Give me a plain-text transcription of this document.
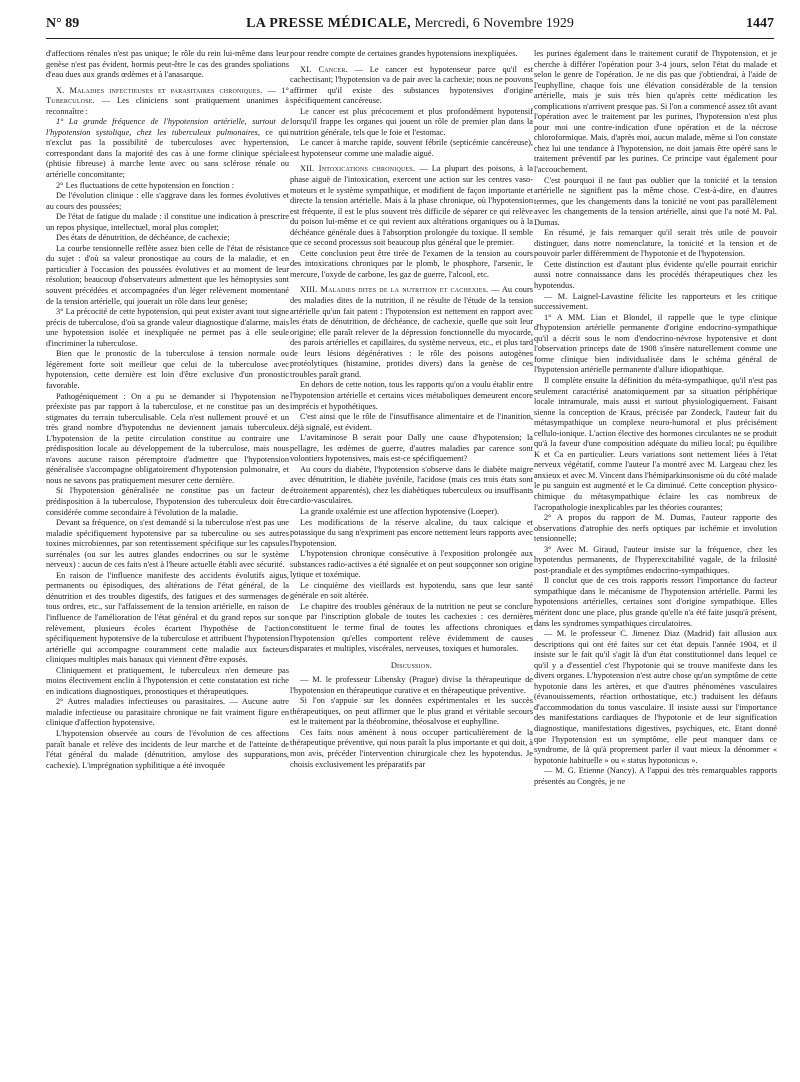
N° 89	LA PRESSE MÉDICALE, Mercredi, 6 Novembre 1929	1447

d'affections rénales n'est pas unique; le rôle du rein lui-même dans leur genèse n'est pas évident, hormis peut-être le cas des grandes spoliations d'eau dues aux grands œdèmes et à l'anasarque.

X. Maladies infectieuses et parasitaires chroniques. — 1° Tuberculose. — Les cliniciens sont pratiquement unanimes à reconnaître :

1° La grande fréquence de l'hypotension artérielle, surtout de l'hypotension systolique, chez les tuberculeux pulmonaires, ce qui n'exclut pas la possibilité de tuberculoses avec hypertension, correspondant dans la majorité des cas à une forme clinique spéciale (phtisie fibreuse) à marche lente avec ou sans sclérose rénale ou artérielle concomitante;

2° Les fluctuations de cette hypotension en fonction :

De l'évolution clinique : elle s'aggrave dans les formes évolutives et au cours des poussées;

De l'état de fatigue du malade : il constitue une indication à prescrire un repos physique, intellectuel, moral plus complet;

Des états de dénutrition, de déchéance, de cachexie;

La courbe tensionnelle reflète assez bien celle de l'état de résistance du sujet : d'où sa valeur pronostique au cours de la maladie, et en particulier à l'occasion des poussées évolutives et au moment de leur résolution; beaucoup d'observateurs admettent que les hémoptysies sont souvent précédées et accompagnées d'un léger relèvement momentané de la tension artérielle, qui jouerait un rôle dans leur genèse;

3° La précocité de cette hypotension, qui peut exister avant tout signe précis de tuberculose, d'où sa grande valeur diagnostique d'alarme, mais une hypotension isolée et inexpliquée ne permet pas à elle seule d'incriminer la tuberculose.

Bien que le pronostic de la tuberculose à tension normale ou légèrement forte soit meilleur que celui de la tuberculose avec hypotension, cette dernière est loin d'être exclusive d'un pronostic favorable.

Pathogéniquement : On a pu se demander si l'hypotension ne préexiste pas par rapport à la tuberculose, et ne constitue pas un des stigmates du terrain tuberculisable. Cela n'est nullement prouvé et un très grand nombre d'hypotendus ne deviennent jamais tuberculeux. L'hypotension de la petite circulation constitue au contraire une prédisposition locale au développement de la tuberculose, mais nous n'avons aucune raison péremptoire d'admettre que l'hypotension généralisée s'accompagne obligatoirement d'hypotension pulmonaire, et nous ne savons pas pratiquement mesurer cette dernière.

Si l'hypotension généralisée ne constitue pas un facteur de prédisposition à la tuberculose, l'hypotension des tuberculeux doit être considérée comme secondaire à l'évolution de la maladie.

Devant sa fréquence, on s'est demandé si la tuberculose n'est pas une maladie spécifiquement hypotensive par sa tuberculine ou ses autres toxines microbiennes, par son retentissement spécifique sur les capsules surrénales (ou sur les autres glandes endocrines ou sur le système nerveux) : aucun de ces faits n'est à l'heure actuelle établi avec sécurité.

En raison de l'influence manifeste des accidents évolutifs aigus, permanents ou épisodiques, des altérations de l'état général, de la dénutrition et des troubles digestifs, des fatigues et des surmenages de tous ordres, etc., sur l'affaissement de la tension artérielle, en raison de l'influence de l'amélioration de l'état général et du grand repos sur son relèvement, plusieurs écoles écartent l'hypothèse de l'action spécifiquement hypotensive de la tuberculose et attribuent l'hypotension artérielle qui accompagne couramment cette maladie aux facteurs cliniques multiples mais banaux qui viennent d'être exposés.

Cliniquement et pratiquement, le tuberculeux n'en demeure pas moins électivement enclin à l'hypotension et cette constatation est riche en indications diagnostiques, pronostiques et thérapeutiques.

2° Autres maladies infectieuses ou parasitaires. — Aucune autre maladie infectieuse ou parasitaire chronique ne fait vraiment figure en clinique d'affection hypotensive.

L'hypotension observée au cours de l'évolution de ces affections paraît banale et relève des incidents de leur marche et de l'atteinte de l'état général du malade (dénutrition, amylose des suppurations, cachexie). L'imprégnation syphilitique a été invoquée

pour rendre compte de certaines grandes hypotensions inexpliquées.

XI. Cancer. — Le cancer est hypotenseur parce qu'il est cachectisant; l'hypotension va de pair avec la cachexie; nous ne pouvons affirmer qu'il existe des substances hypotensives d'origine spécifiquement cancéreuse.

Le cancer est plus précocement et plus profondément hypotensif lorsqu'il frappe les organes qui jouent un rôle de premier plan dans la nutrition générale, tels que le foie et l'estomac.

Le cancer à marche rapide, souvent fébrile (septicémie cancéreuse), est hypotenseur comme une maladie aiguë.

XII. Intoxications chroniques. — La plupart des poisons, à la phase aiguë de l'intoxication, exercent une action sur les centres vaso-moteurs et le système sympathique, et modifient de façon importante et directe la tension artérielle. Mais à la phase chronique, où l'hypotension est fréquente, il est le plus souvent très difficile de séparer ce qui relève du poison lui-même et ce qui revient aux altérations organiques ou à la déchéance générale dues à l'absorption prolongée du toxique. Il semble que ce second processus soit beaucoup plus général que le premier.

Cette conclusion peut être tirée de l'examen de la tension au cours des intoxications chroniques par le plomb, le phosphore, l'arsenic, le mercure, l'oxyde de carbone, les gaz de guerre, l'alcool, etc.

XIII. Maladies dites de la nutrition et cachexies. — Au cours des maladies dites de la nutrition, il ne résulte de l'étude de la tension artérielle qu'un fait patent : l'hypotension est nettement en rapport avec les états de dénutrition, de déchéance, de cachexie, quelle que soit leur origine; elle paraît relever de la dépression fonctionnelle du myocarde, des parois artérielles et capillaires, du système nerveux, etc., et plus tard de leurs lésions dégénératives : le rôle des poisons autogènes protéolytiques (histamine, protides divers) dans la genèse de ces troubles paraît grand.

En dehors de cette notion, tous les rapports qu'on a voulu établir entre l'hypotension artérielle et certains vices métaboliques demeurent encore imprécis et hypothétiques.

C'est ainsi que le rôle de l'insuffisance alimentaire et de l'inanition, déjà signalé, est évident.

L'avitaminose B serait pour Dally une cause d'hypotension; la pellagre, les œdèmes de guerre, d'autres maladies par carence sont volontiers hypotensives, mais est-ce spécifiquement?

Au cours du diabète, l'hypotension s'observe dans le diabète maigre avec dénutrition, le diabète juvénile, l'acidose (mais ces trois états sont étroitement apparentés), chez les diabétiques tuberculeux ou insuffisants cardio-vasculaires.

La grande oxalémie est une affection hypotensive (Loeper).

Les modifications de la réserve alcaline, du taux calcique et potassique du sang n'expriment pas encore nettement leurs rapports avec l'hypotension.

L'hypotension chronique consécutive à l'exposition prolongée aux substances radio-actives a été signalée et on peut soupçonner son origine lytique et toxémique.

Le cinquième des vieillards est hypotendu, sans que leur santé générale en soit altérée.

Le chapitre des troubles généraux de la nutrition ne peut se conclure que par l'inscription globale de toutes les cachexies : ces dernières constituent le terme final de toutes les affections chroniques et l'hypotension qu'elles comportent relève évidemment de causes disparates et multiples, viscérales, nerveuses, toxiques et humorales.

Discussion.

— M. le professeur Libensky (Prague) divise la thérapeutique de l'hypotension en thérapeutique curative et en thérapeutique préventive.

Si l'on s'appuie sur les données expérimentales et les succès thérapeutiques, on peut affirmer que le plus grand et véritable secours est le traitement par la théobromine, théosalvose et euphylline.

Ces faits nous amènent à nous occuper particulièrement de la thérapeutique préventive, qui nous paraît la plus importante et qui doit, à mon avis, précéder l'intervention chirurgicale chez les hypotendus. Je choisis exclusivement les préparatifs par

les purines également dans le traitement curatif de l'hypotension, et je cherche à différer l'opération pour 3-4 jours, selon l'état du malade et selon le genre de l'opération. Je ne dis pas que j'obtiendrai, à l'aide de l'euphylline, chaque fois une élévation considérable de la tension artérielle, mais je suis très bien qu'après cette médication les complications n'arrivent presque pas. Si l'on a commencé assez tôt avant l'opération avec le traitement par les purines, l'hypotension n'est plus pour moi une contre-indication d'une opération et de la nécrose chloroformique. Mais, d'après moi, aucun malade, même si l'on constate chez lui une tendance à l'hypotension, ne doit jamais être opéré sans le traitement préventif par les purines. Ce principe vaut également pour l'accouchement.

C'est pourquoi il ne faut pas oublier que la tonicité et la tension artérielle ne signifient pas la même chose. C'est-à-dire, en d'autres termes, que les changements dans la tonicité ne vont pas parallèlement avec les changements de la tension artérielle, ainsi que l'a noté M. Pal. Dumas.

En résumé, je fais remarquer qu'il serait très utile de pouvoir distinguer, dans notre nomenclature, la tonicité et la tension et de pouvoir parler différemment de l'hypotonie et de l'hypotension.

Cette distinction est d'autant plus évidente qu'elle pourrait enrichir aussi notre connaissance dans les procédés thérapeutiques chez les hypotendus.

— M. Laignel-Lavastine félicite les rapporteurs et les critique successivement.

1° A MM. Lian et Blondel, il rappelle que le type clinique d'hypotension artérielle permanente d'origine endocrino-sympathique qu'il a décrit sous le nom d'endocrino-névrose hypotensive et dont l'observation princeps date de 1908 s'insère naturellement comme une forme clinique bien individualisée dans le schéma général de l'hypotension artérielle permanente d'allure idiopathique.

Il complète ensuite la définition du méta-sympathique, qu'il n'est pas seulement caractérisé anatomiquement par sa situation périphérique locale intramurale, mais aussi et surtout physiologiquement. Faisant sienne la conception de Kraus, précisée par Zondeck, l'auteur fait du métasympathique un complexe neuro-humoral et plus précisément cellulo-ionique. L'action élective des hormones circulantes ne se produit qu'à la faveur d'une composition adéquate du milieu local; pu équilibre K et Ca en particulier. Leurs variations sont nettement liées à l'état nerveux végétatif, comme l'auteur l'a montré avec M. Largeau chez les anxieux et avec M. Vincent dans l'hémiparkinsonisme où du côté malade le pu sanguin est augmenté et le Ca diminué. Cette conception physico-chimique du métasympathique éclaire les cas nombreux de l'acropathologie inexplicables par les théories courantes;

2° A propos du rapport de M. Dumas, l'auteur rapporte des observations d'atrophie des nerfs optiques par ischémie et involution tensionnelle;

3° Avec M. Giraud, l'auteur insiste sur la fréquence, chez les hypotendus permanents, de l'hyperexcitabilité vagale, de la frilosité post-prandiale et des symptômes endocrino-sympathiques.

Il conclut que de ces trois rapports ressort l'importance du facteur sympathique dans le mécanisme de l'hypotension artérielle. Parmi les hypotensions artérielles, certaines sont d'origine sympathique. Elles méritent donc une place, plus grande qu'elle n'a été faite jusqu'à présent, dans les syndromes sympathiques circulatoires.

— M. le professeur C. Jimenez Diaz (Madrid) fait allusion aux descriptions qui ont été faites sur cet état depuis l'année 1904, et il insiste sur le fait qu'il s'agit là d'un état constitutionnel dans lequel ce qu'il y a d'essentiel c'est l'hypotonie qui se trouve manifeste dans les divers organes. L'hypotension n'est autre chose qu'un symptôme de cette hypotonie dans les artères, et que d'autres phénomènes vasculaires (évanouissements, réaction orthostatique, etc.) traduisent les défauts d'accommodation du tonus vasculaire. Il insiste aussi sur l'importance des manifestations cardiaques de l'hypotonie et de leur signification diagnostique, manifestations digestives, psychiques, etc. Etant donné que l'hypotension est un symptôme, elle peut manquer dans ce syndrome, de là qu'à proprement parler il vaut mieux la dénommer « hypotonie habituelle » ou « status hypotonicus ».

— M. G. Etienne (Nancy). A l'appui des très remarquables rapports présentés au Congrès, je ne
